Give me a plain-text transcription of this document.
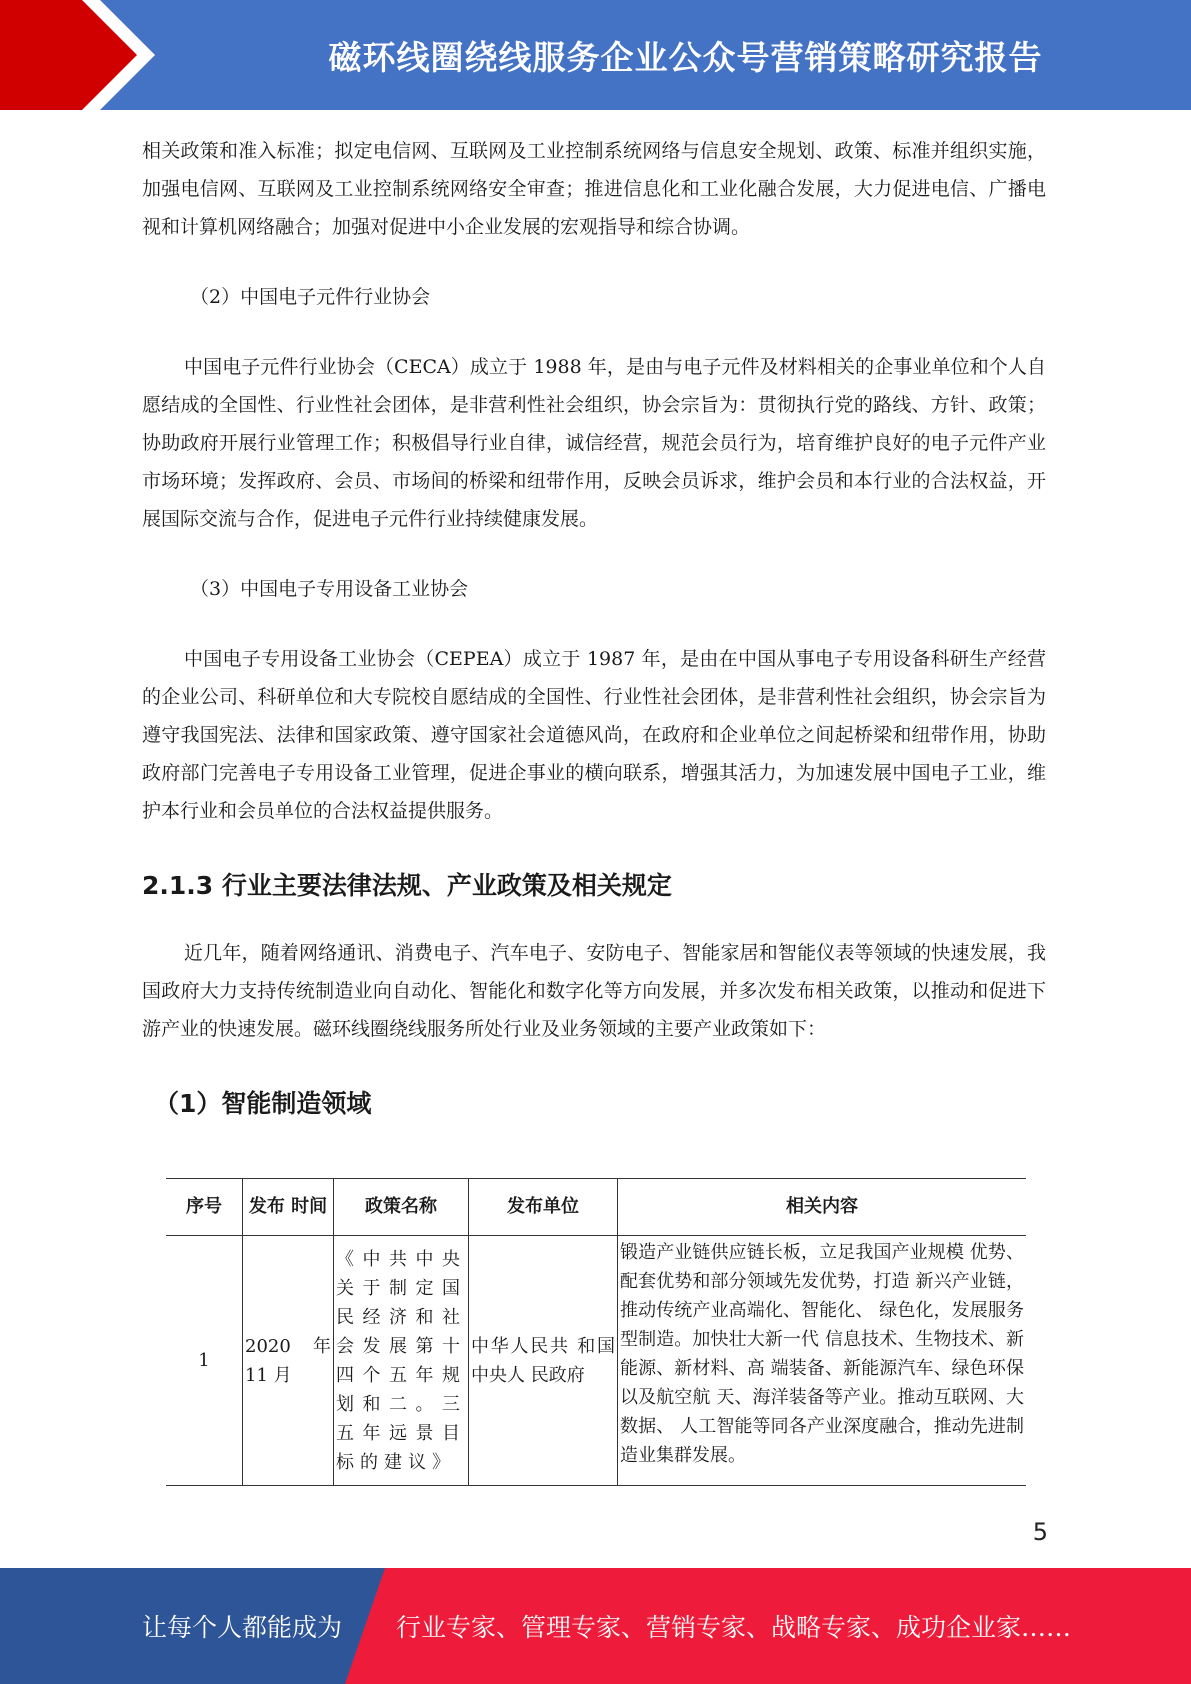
磁环线圈绕线服务企业公众号营销策略研究报告

相关政策和准入标准；拟定电信网、互联网及工业控制系统网络与信息安全规划、政策、标准并组织实施，加强电信网、互联网及工业控制系统网络安全审查；推进信息化和工业化融合发展，大力促进电信、广播电视和计算机网络融合；加强对促进中小企业发展的宏观指导和综合协调。

（2）中国电子元件行业协会

中国电子元件行业协会（CECA）成立于 1988 年，是由与电子元件及材料相关的企事业单位和个人自愿结成的全国性、行业性社会团体，是非营利性社会组织，协会宗旨为：贯彻执行党的路线、方针、政策；协助政府开展行业管理工作；积极倡导行业自律，诚信经营，规范会员行为，培育维护良好的电子元件产业市场环境；发挥政府、会员、市场间的桥梁和纽带作用，反映会员诉求，维护会员和本行业的合法权益，开展国际交流与合作，促进电子元件行业持续健康发展。

（3）中国电子专用设备工业协会

中国电子专用设备工业协会（CEPEA）成立于 1987 年，是由在中国从事电子专用设备科研生产经营的企业公司、科研单位和大专院校自愿结成的全国性、行业性社会团体，是非营利性社会组织，协会宗旨为遵守我国宪法、法律和国家政策、遵守国家社会道德风尚，在政府和企业单位之间起桥梁和纽带作用，协助政府部门完善电子专用设备工业管理，促进企事业的横向联系，增强其活力，为加速发展中国电子工业，维护本行业和会员单位的合法权益提供服务。

2.1.3 行业主要法律法规、产业政策及相关规定

近几年，随着网络通讯、消费电子、汽车电子、安防电子、智能家居和智能仪表等领域的快速发展，我国政府大力支持传统制造业向自动化、智能化和数字化等方向发展，并多次发布相关政策，以推动和促进下游产业的快速发展。磁环线圈绕线服务所处行业及业务领域的主要产业政策如下：

（1）智能制造领域
序号	发布 时间	政策名称	发布单位	相关内容
1	2020 年 11 月	《中共中央关于制定国民经济和社会发展第十四个五年规划和二。三五年远景目标的建议》	中华人民共 和国中央人 民政府	锻造产业链供应链长板，立足我国产业规模 优势、配套优势和部分领域先发优势，打造 新兴产业链，推动传统产业高端化、智能化、 绿色化，发展服务型制造。加快壮大新一代 信息技术、生物技术、新能源、新材料、高 端装备、新能源汽车、绿色环保以及航空航 天、海洋装备等产业。推动互联网、大数据、 人工智能等同各产业深度融合，推动先进制 造业集群发展。
5
让每个人都能成为 行业专家、管理专家、营销专家、战略专家、成功企业家……
